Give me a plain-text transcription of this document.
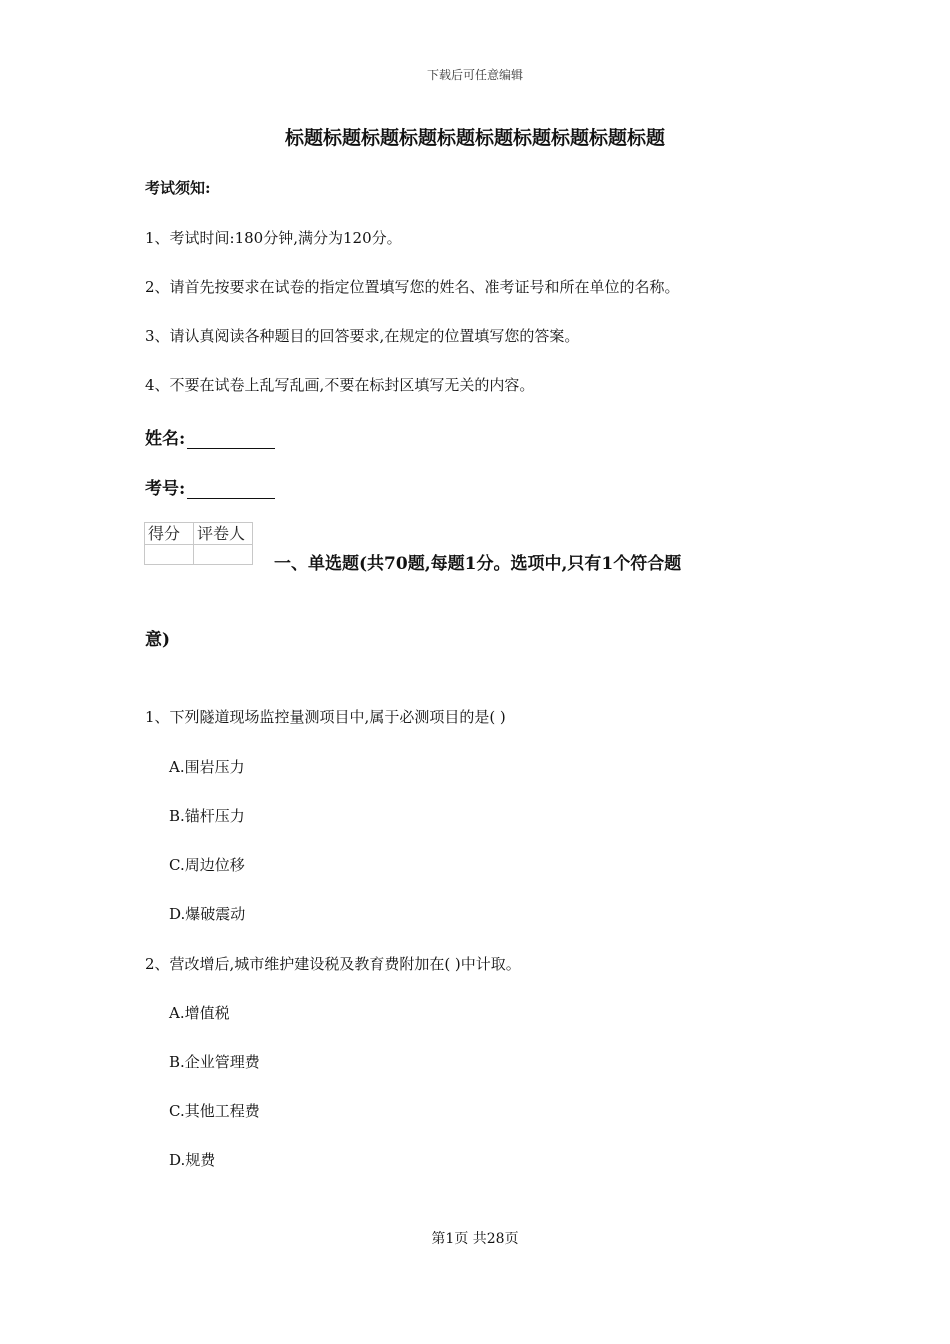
下载后可任意编辑
标题标题标题标题标题标题标题标题标题标题
考试须知:
1、考试时间:180分钟,满分为120分。
2、请首先按要求在试卷的指定位置填写您的姓名、准考证号和所在单位的名称。
3、请认真阅读各种题目的回答要求,在规定的位置填写您的答案。
4、不要在试卷上乱写乱画,不要在标封区填写无关的内容。
姓名:
考号:
得分	评卷人

一、单选题(共70题,每题1分。选项中,只有1个符合题
意)
1、下列隧道现场监控量测项目中,属于必测项目的是( )
A.围岩压力
B.锚杆压力
C.周边位移
D.爆破震动
2、营改增后,城市维护建设税及教育费附加在( )中计取。
A.增值税
B.企业管理费
C.其他工程费
D.规费
第1页 共28页
